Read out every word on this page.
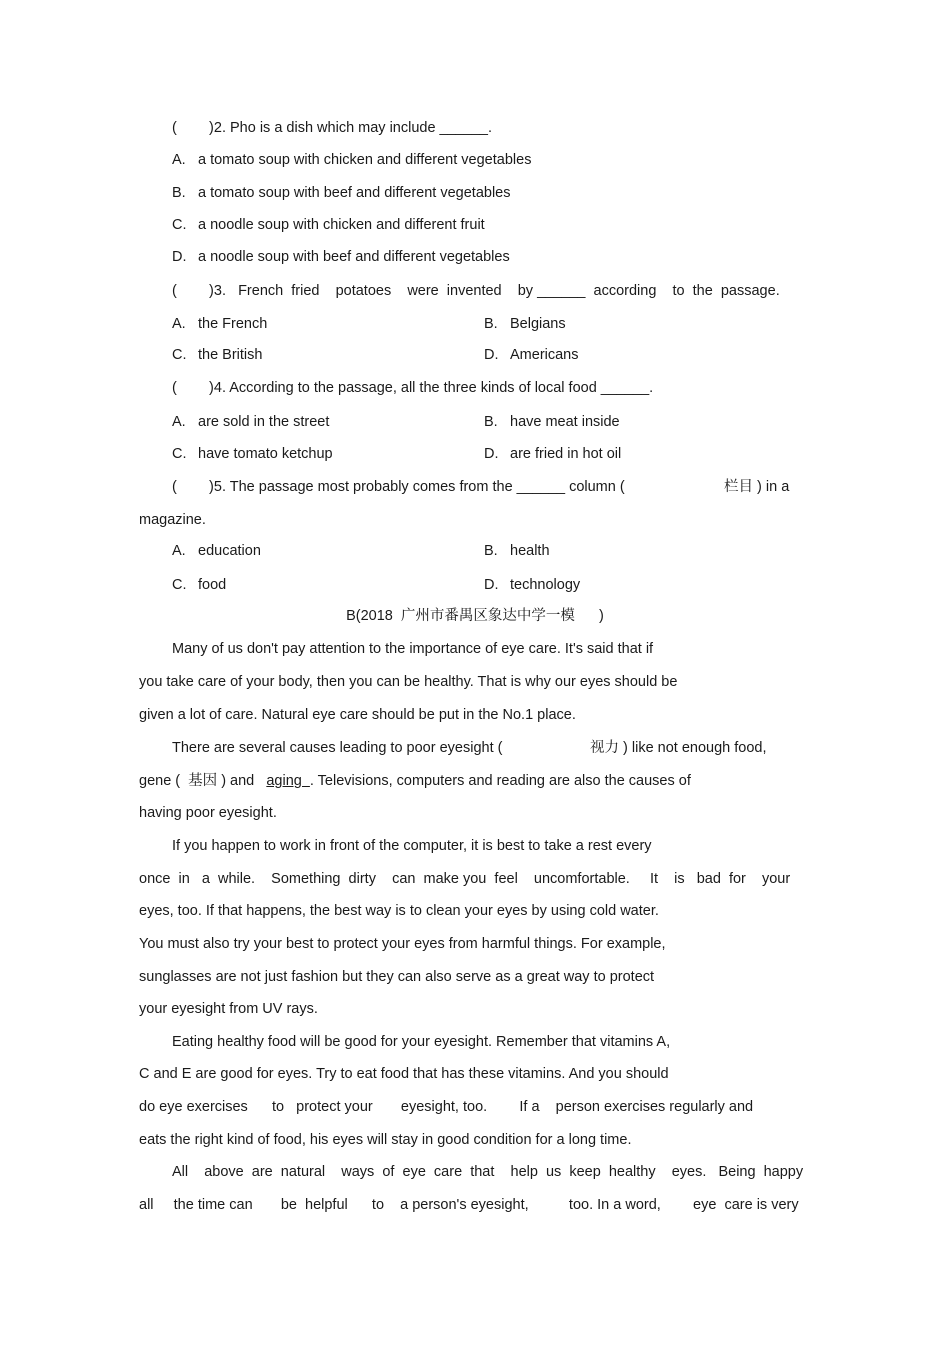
(        )2. Pho is a dish which may include ______.
A. a tomato soup with chicken and different vegetables
B. a tomato soup with beef and different vegetables
C. a noodle soup with chicken and different fruit
D. a noodle soup with beef and different vegetables
(        )3.   French  fried    potatoes    were  invented    by ______  according    to  the  passage.
A. the French	B. Belgians
C. the British	D. Americans
(        )4. According to the passage, all the three kinds of local food ______.
A. are sold in the street	B. have meat inside
C. have tomato ketchup	D. are fried in hot oil
(        )5. The passage most probably comes from the ______ column (	栏目 ) in a
magazine.
A. education	B. health
C. food	D. technology
B(2018  广州市番禺区象达中学一模      )
Many of us don't pay attention to the importance of eye care. It's said that if
you take care of your body, then you can be healthy. That is why our eyes should be
given a lot of care. Natural eye care should be put in the No.1 place.
There are several causes leading to poor eyesight (	视力 ) like not enough food,
gene (  基因 ) and   aging  . Televisions, computers and reading are also the causes of
having poor eyesight.
If you happen to work in front of the computer, it is best to take a rest every
once  in   a  while.    Something  dirty    can  make you  feel    uncomfortable.     It    is   bad  for    your
eyes, too. If that happens, the best way is to clean your eyes by using cold water.
You must also try your best to protect your eyes from harmful things. For example,
sunglasses are not just fashion but they can also serve as a great way to protect
your eyesight from UV rays.
Eating healthy food will be good for your eyesight. Remember that vitamins A,
C and E are good for eyes. Try to eat food that has these vitamins. And you should
do eye exercises      to   protect your       eyesight, too.        If a    person exercises regularly and
eats the right kind of food, his eyes will stay in good condition for a long time.
All    above  are  natural    ways  of  eye  care  that    help  us  keep  healthy    eyes.   Being  happy
all     the time can       be  helpful      to    a person's eyesight,          too. In a word,        eye  care is very
